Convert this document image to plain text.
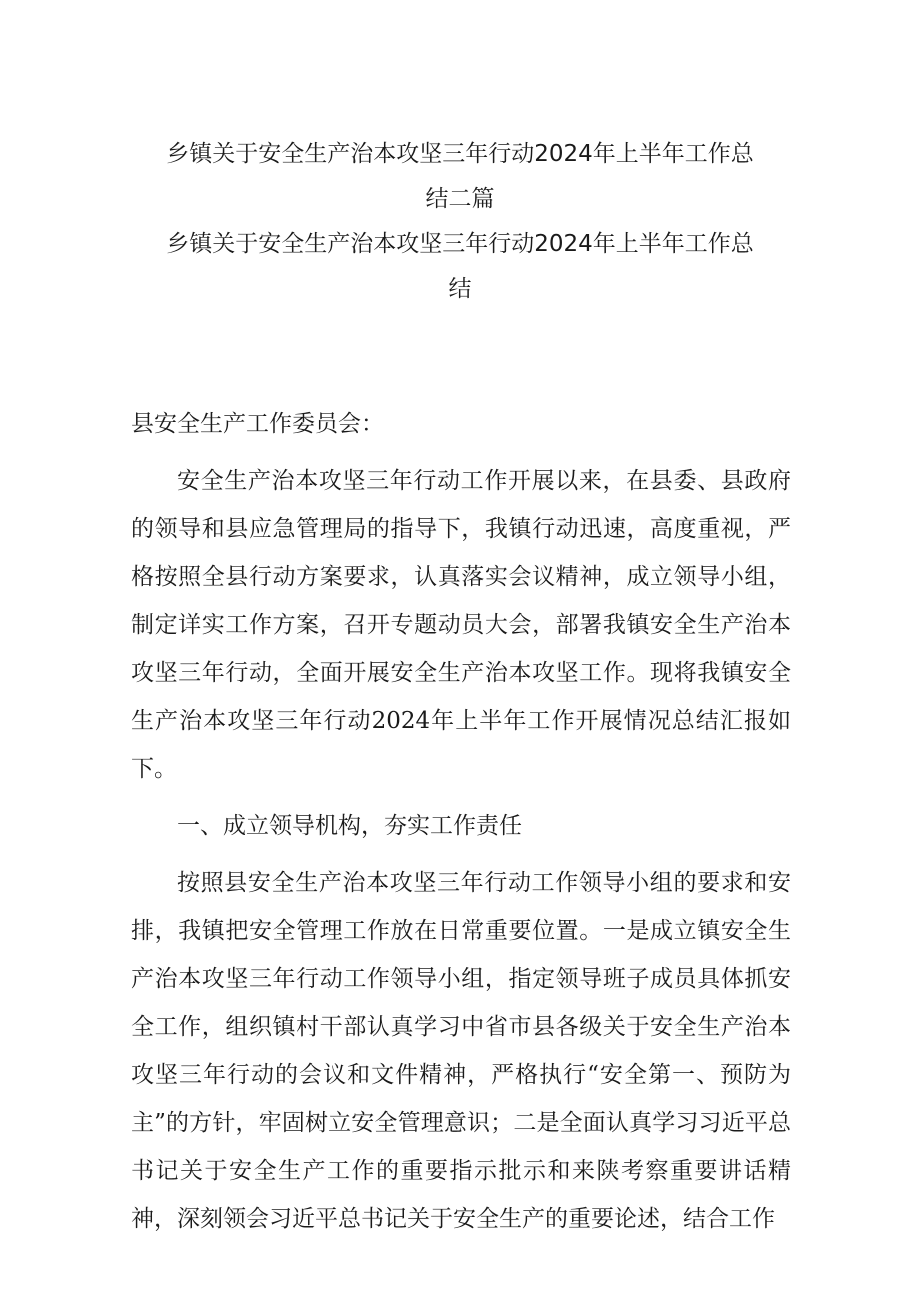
乡镇关于安全生产治本攻坚三年行动2024年上半年工作总
结二篇
乡镇关于安全生产治本攻坚三年行动2024年上半年工作总
结

县安全生产工作委员会：

安全生产治本攻坚三年行动工作开展以来，在县委、县政府的领导和县应急管理局的指导下，我镇行动迅速，高度重视，严格按照全县行动方案要求，认真落实会议精神，成立领导小组，制定详实工作方案，召开专题动员大会，部署我镇安全生产治本攻坚三年行动，全面开展安全生产治本攻坚工作。现将我镇安全生产治本攻坚三年行动2024年上半年工作开展情况总结汇报如下。

一、成立领导机构，夯实工作责任

按照县安全生产治本攻坚三年行动工作领导小组的要求和安排，我镇把安全管理工作放在日常重要位置。一是成立镇安全生产治本攻坚三年行动工作领导小组，指定领导班子成员具体抓安全工作，组织镇村干部认真学习中省市县各级关于安全生产治本攻坚三年行动的会议和文件精神，严格执行“安全第一、预防为主”的方针，牢固树立安全管理意识；二是全面认真学习习近平总书记关于安全生产工作的重要指示批示和来陕考察重要讲话精神，深刻领会习近平总书记关于安全生产的重要论述，结合工作
